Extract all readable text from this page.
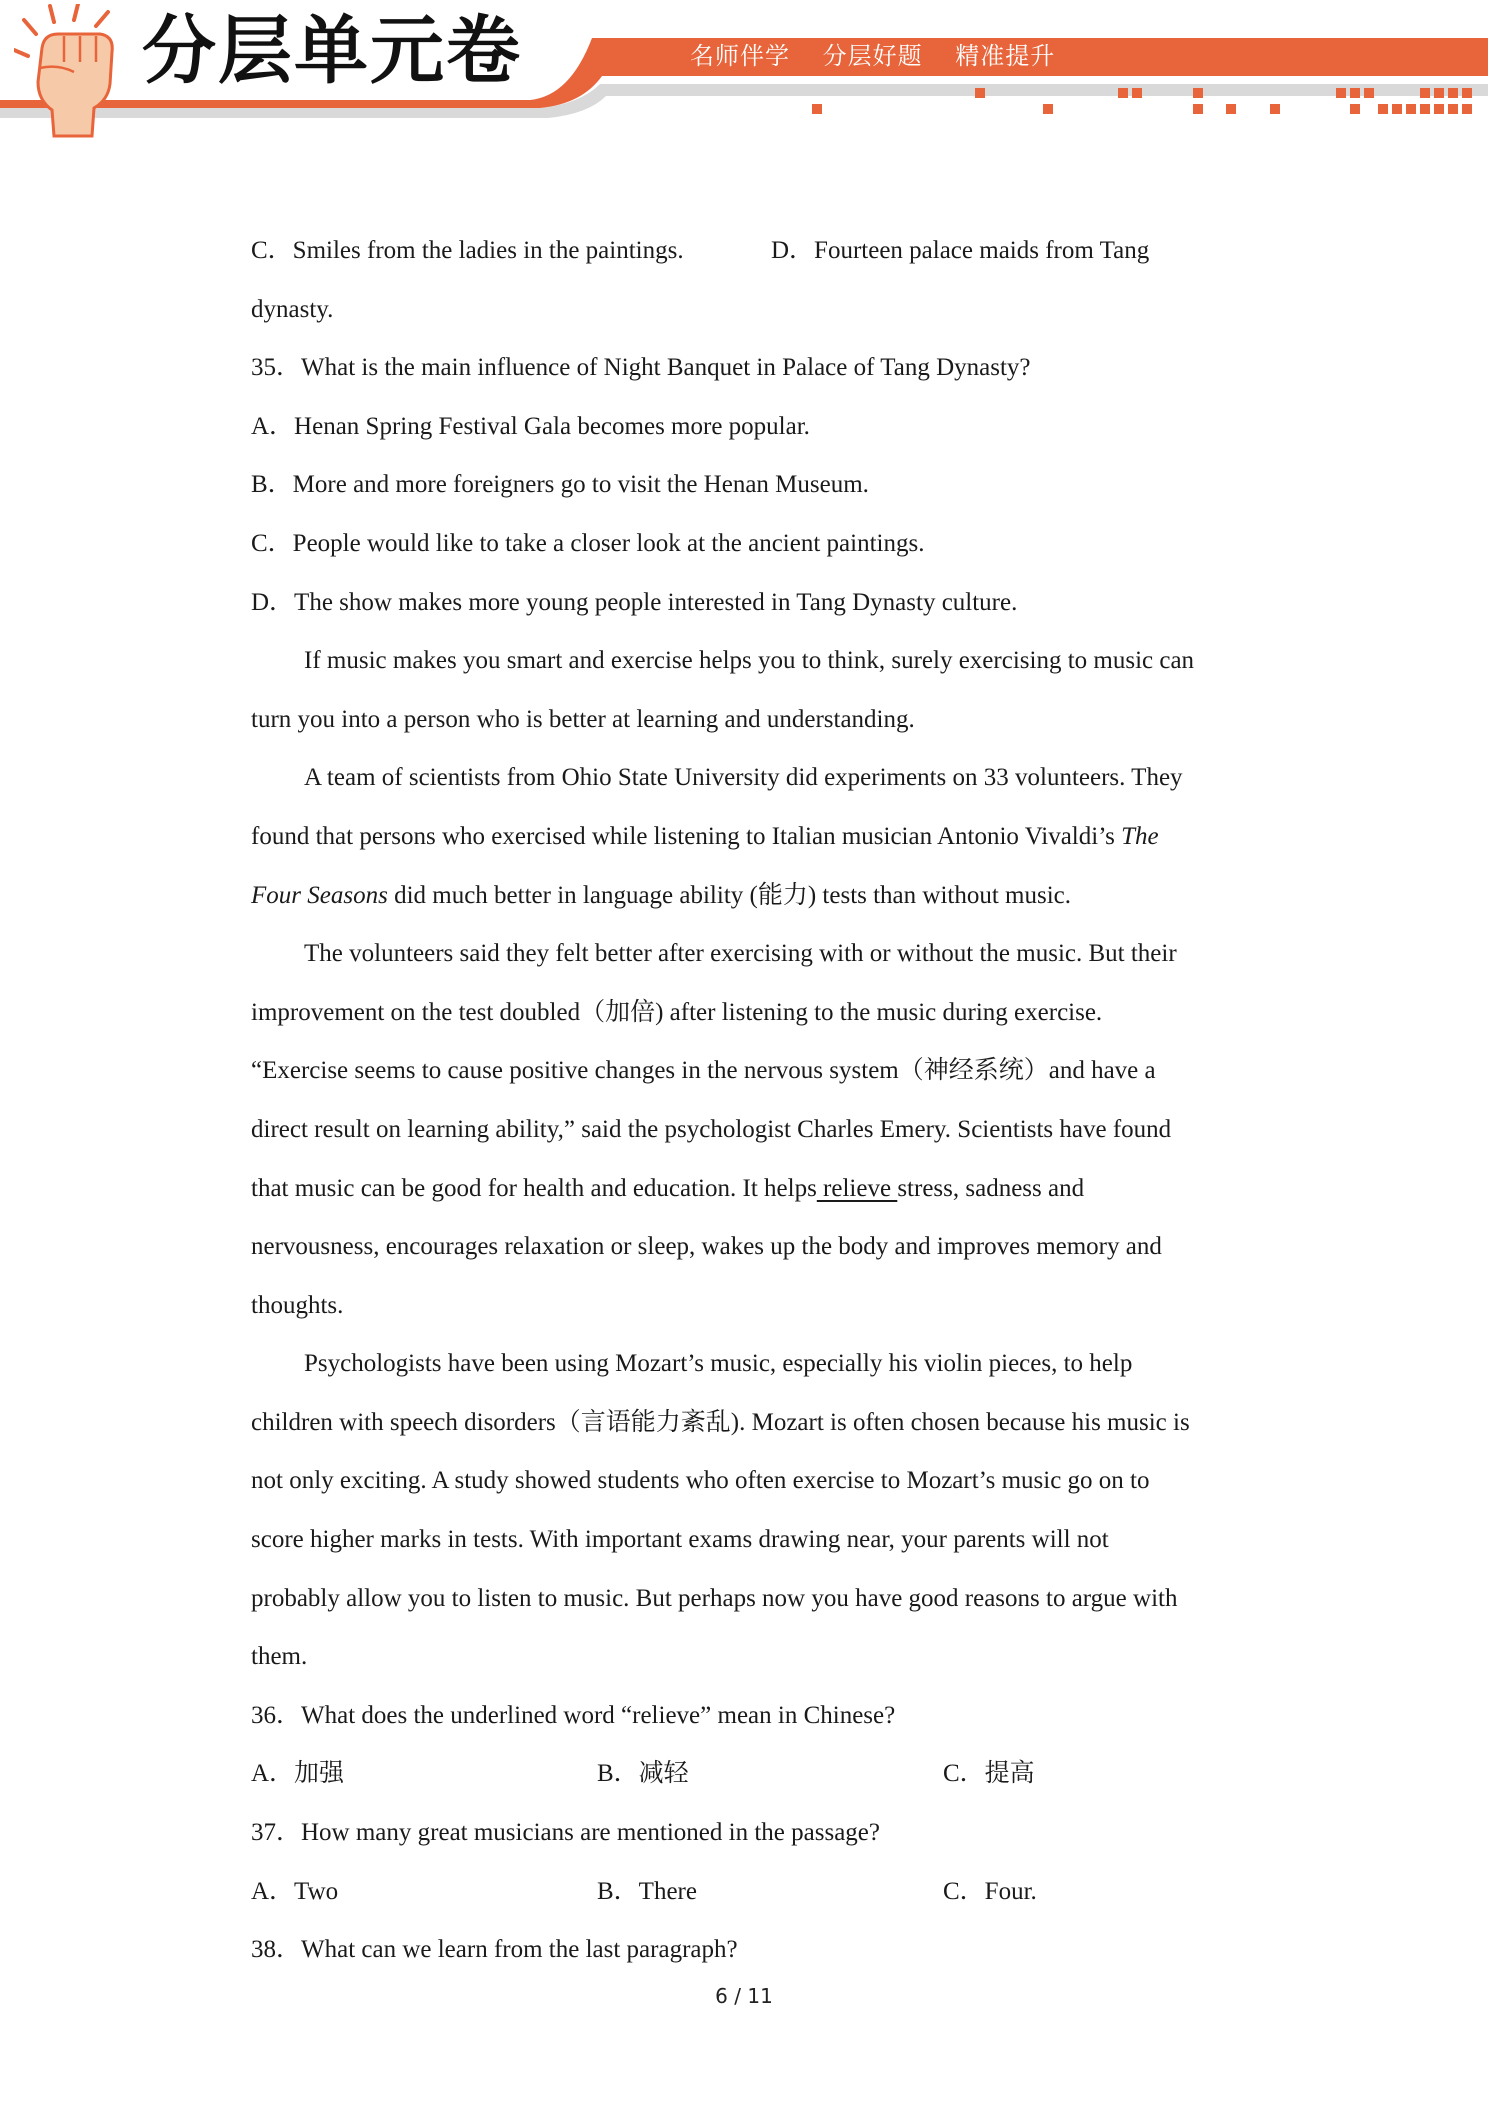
分层单元卷	名师伴学 分层好题 精准提升
C．Smiles from the ladies in the paintings.	D．Fourteen palace maids from Tang
dynasty.
35．What is the main influence of Night Banquet in Palace of Tang Dynasty?
A．Henan Spring Festival Gala becomes more popular.
B．More and more foreigners go to visit the Henan Museum.
C．People would like to take a closer look at the ancient paintings.
D．The show makes more young people interested in Tang Dynasty culture.
If music makes you smart and exercise helps you to think, surely exercising to music can
turn you into a person who is better at learning and understanding.
A team of scientists from Ohio State University did experiments on 33 volunteers. They
found that persons who exercised while listening to Italian musician Antonio Vivaldi’s The
Four Seasons did much better in language ability (能力) tests than without music.
The volunteers said they felt better after exercising with or without the music. But their
improvement on the test doubled（加倍) after listening to the music during exercise.
“Exercise seems to cause positive changes in the nervous system（神经系统）and have a
direct result on learning ability,” said the psychologist Charles Emery. Scientists have found
that music can be good for health and education. It helps relieve stress, sadness and
nervousness, encourages relaxation or sleep, wakes up the body and improves memory and
thoughts.
Psychologists have been using Mozart’s music, especially his violin pieces, to help
children with speech disorders（言语能力紊乱). Mozart is often chosen because his music is
not only exciting. A study showed students who often exercise to Mozart’s music go on to
score higher marks in tests. With important exams drawing near, your parents will not
probably allow you to listen to music. But perhaps now you have good reasons to argue with
them.
36．What does the underlined word “relieve” mean in Chinese?
A．加强	B．减轻	C．提高
37．How many great musicians are mentioned in the passage?
A．Two	B．There	C．Four.
38．What can we learn from the last paragraph?
6 / 11
